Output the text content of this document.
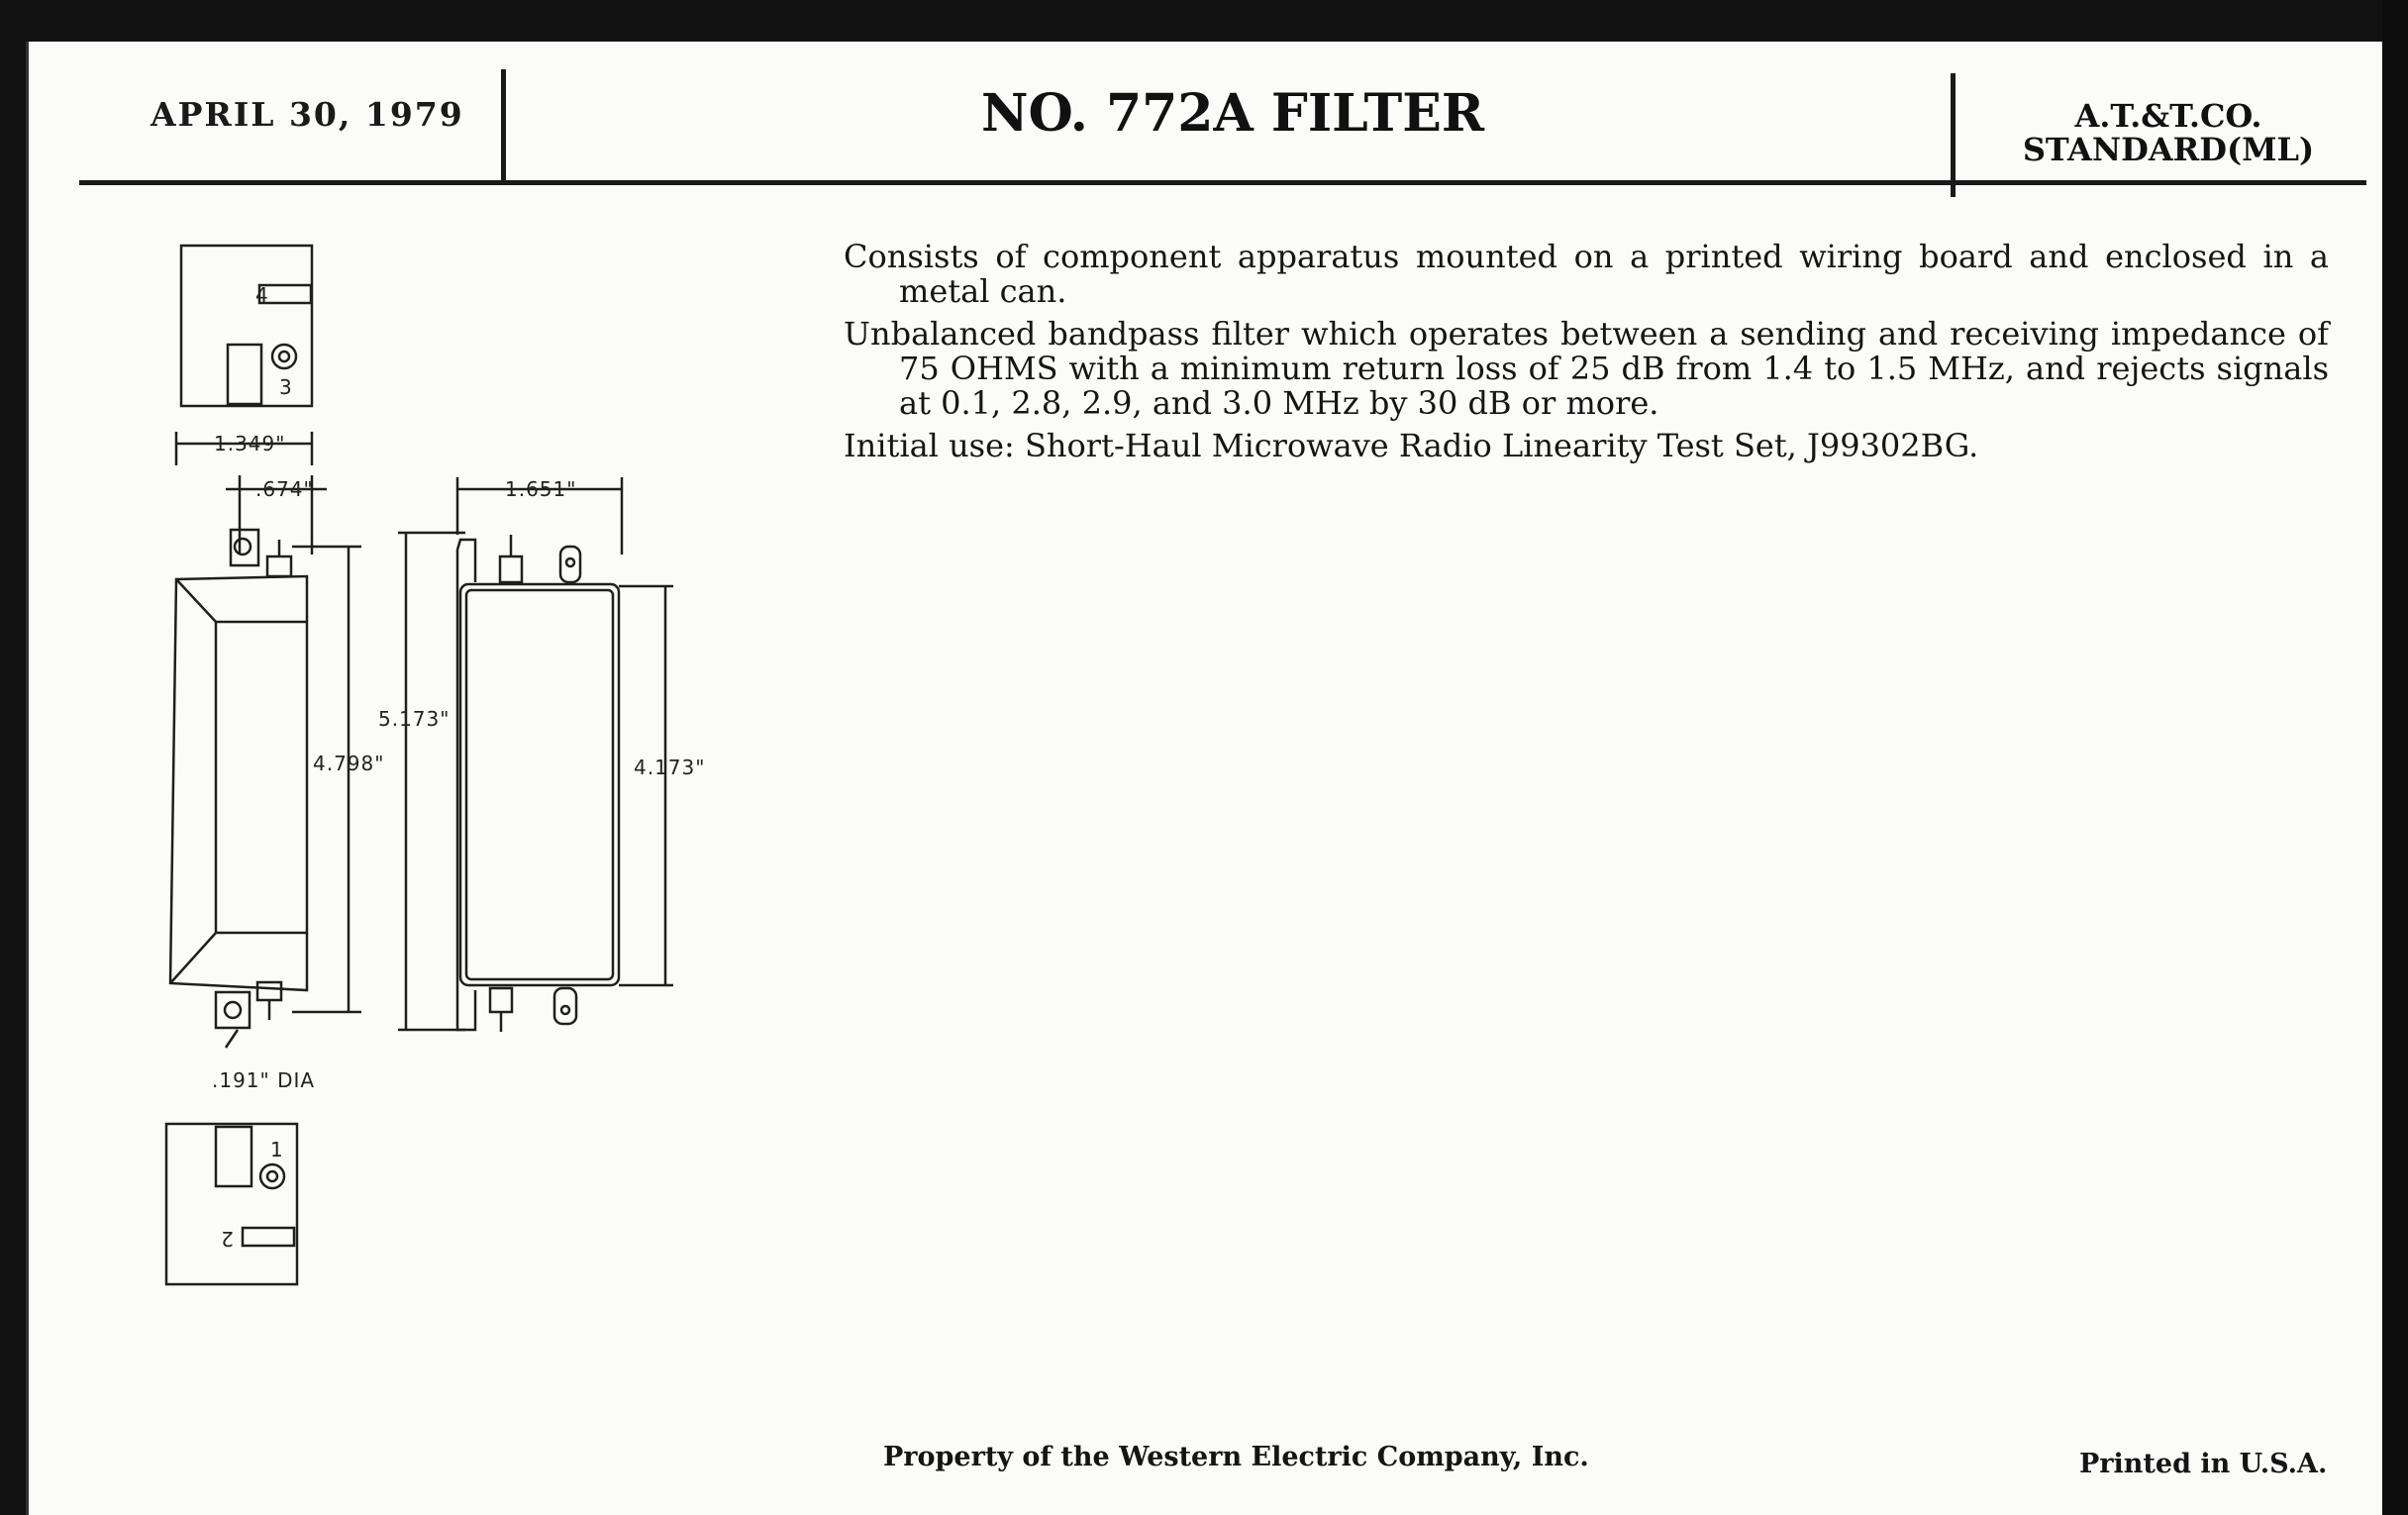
APRIL 30, 1979	NO. 772A FILTER	A.T.&T.CO.
STANDARD(ML)

Consists of component apparatus mounted on a printed wiring board and enclosed in a metal can.

Unbalanced bandpass filter which operates between a sending and receiving impedance of 75 OHMS with a minimum return loss of 25 dB from 1.4 to 1.5 MHz, and rejects signals at 0.1, 2.8, 2.9, and 3.0 MHz by 30 dB or more.

Initial use: Short-Haul Microwave Radio Linearity Test Set, J99302BG.

4
3
1.349"
.674"	1.651"
5.173"
4.798"	4.173"
.191" DIA
1
2
Property of the Western Electric Company, Inc.	Printed in U.S.A.
